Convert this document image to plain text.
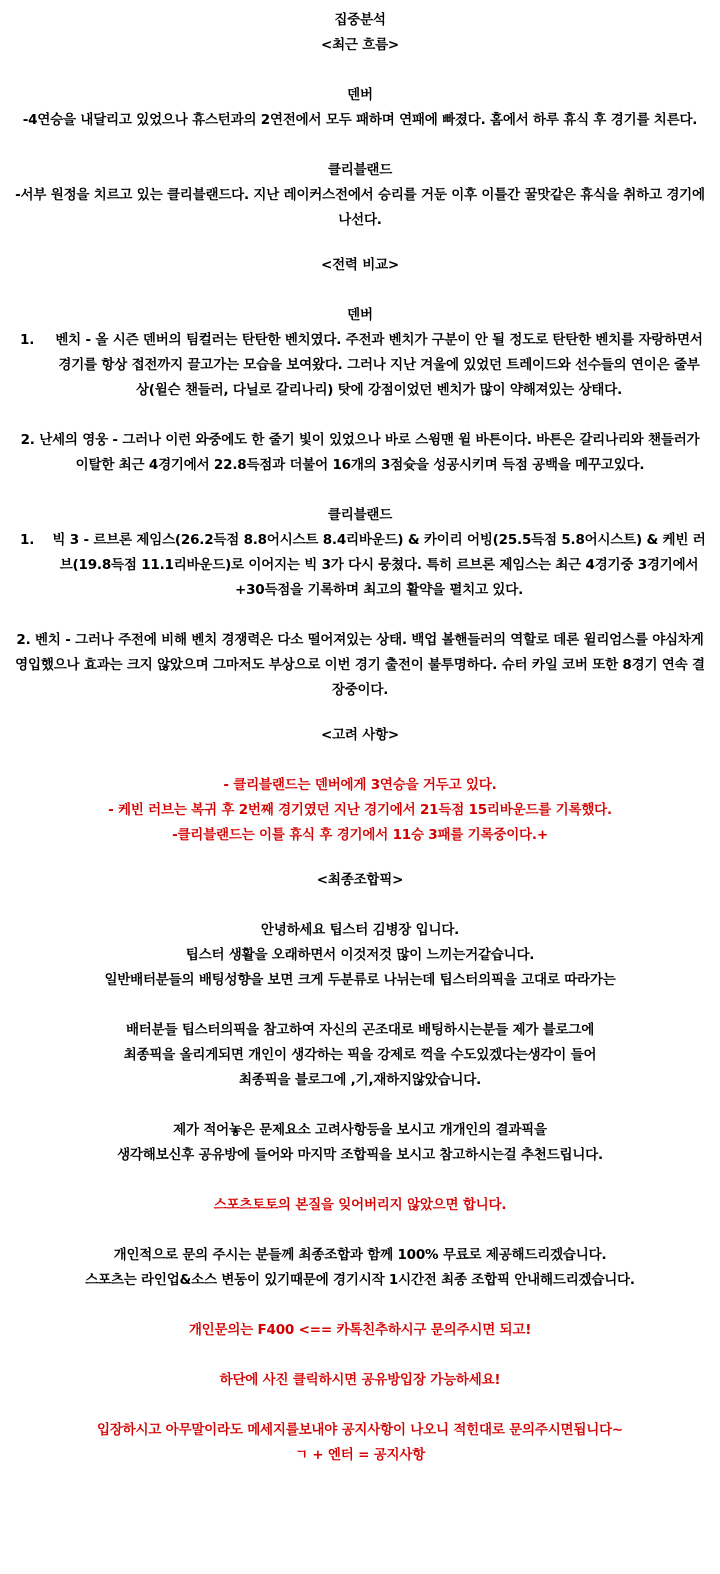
집중분석
<최근 흐름>
덴버
-4연승을 내달리고 있었으나 휴스턴과의 2연전에서 모두 패하며 연패에 빠졌다. 홈에서 하루 휴식 후 경기를 치른다.
클리블랜드
-서부 원정을 치르고 있는 클리블랜드다. 지난 레이커스전에서 승리를 거둔 이후 이틀간 꿀맛같은 휴식을 취하고 경기에 나선다.
<전력 비교>
덴버
1.	벤치 - 올 시즌 덴버의 팀컬러는 탄탄한 벤치였다. 주전과 벤치가 구분이 안 될 정도로 탄탄한 벤치를 자랑하면서 경기를 항상 접전까지 끌고가는 모습을 보여왔다. 그러나 지난 겨울에 있었던 트레이드와 선수들의 연이은 줄부상(윌슨 챈들러, 다닐로 갈리나리) 탓에 강점이었던 벤치가 많이 약해져있는 상태다.
2. 난세의 영웅 - 그러나 이런 와중에도 한 줄기 빛이 있었으나 바로 스윙맨 윌 바튼이다. 바튼은 갈리나리와 챈들러가 이탈한 최근 4경기에서 22.8득점과 더불어 16개의 3점슛을 성공시키며 득점 공백을 메꾸고있다.
클리블랜드
1.	빅 3 - 르브론 제임스(26.2득점 8.8어시스트 8.4리바운드) & 카이리 어빙(25.5득점 5.8어시스트) & 케빈 러브(19.8득점 11.1리바운드)로 이어지는 빅 3가 다시 뭉쳤다. 특히 르브론 제임스는 최근 4경기중 3경기에서 +30득점을 기록하며 최고의 활약을 펼치고 있다.
2. 벤치 - 그러나 주전에 비해 벤치 경쟁력은 다소 떨어져있는 상태. 백업 볼핸들러의 역할로 데론 윌리엄스를 야심차게 영입했으나 효과는 크지 않았으며 그마저도 부상으로 이번 경기 출전이 불투명하다. 슈터 카일 코버 또한 8경기 연속 결장중이다.
<고려 사항>
- 클리블랜드는 덴버에게 3연승을 거두고 있다.
- 케빈 러브는 복귀 후 2번째 경기였던 지난 경기에서 21득점 15리바운드를 기록했다.
-클리블랜드는 이틀 휴식 후 경기에서 11승 3패를 기록중이다.+
<최종조합픽>
안녕하세요 팁스터 김병장 입니다.
팁스터 생활을 오래하면서 이것저것 많이 느끼는거같습니다.
일반배터분들의 배팅성향을 보면 크게 두분류로 나뉘는데 팁스터의픽을 고대로 따라가는
배터분들 팁스터의픽을 참고하여 자신의 곤조대로 배팅하시는분들 제가 블로그에
최종픽을 올리게되면 개인이 생각하는 픽을 강제로 꺽을 수도있겠다는생각이 들어
최종픽을 블로그에 ,기,재하지않았습니다.
제가 적어놓은 문제요소 고려사항등을 보시고 개개인의 결과픽을
생각해보신후 공유방에 들어와 마지막 조합픽을 보시고 참고하시는걸 추천드립니다.
스포츠토토의 본질을 잊어버리지 않았으면 합니다.
개인적으로 문의 주시는 분들께 최종조합과 함께 100% 무료로 제공해드리겠습니다.
스포츠는 라인업&소스 변동이 있기때문에 경기시작 1시간전 최종 조합픽 안내해드리겠습니다.
개인문의는 F400 <== 카톡친추하시구 문의주시면 되고!
하단에 사진 클릭하시면 공유방입장 가능하세요!
입장하시고 아무말이라도 메세지를보내야 공지사항이 나오니 적힌대로 문의주시면됩니다~
ㄱ + 엔터 = 공지사항
